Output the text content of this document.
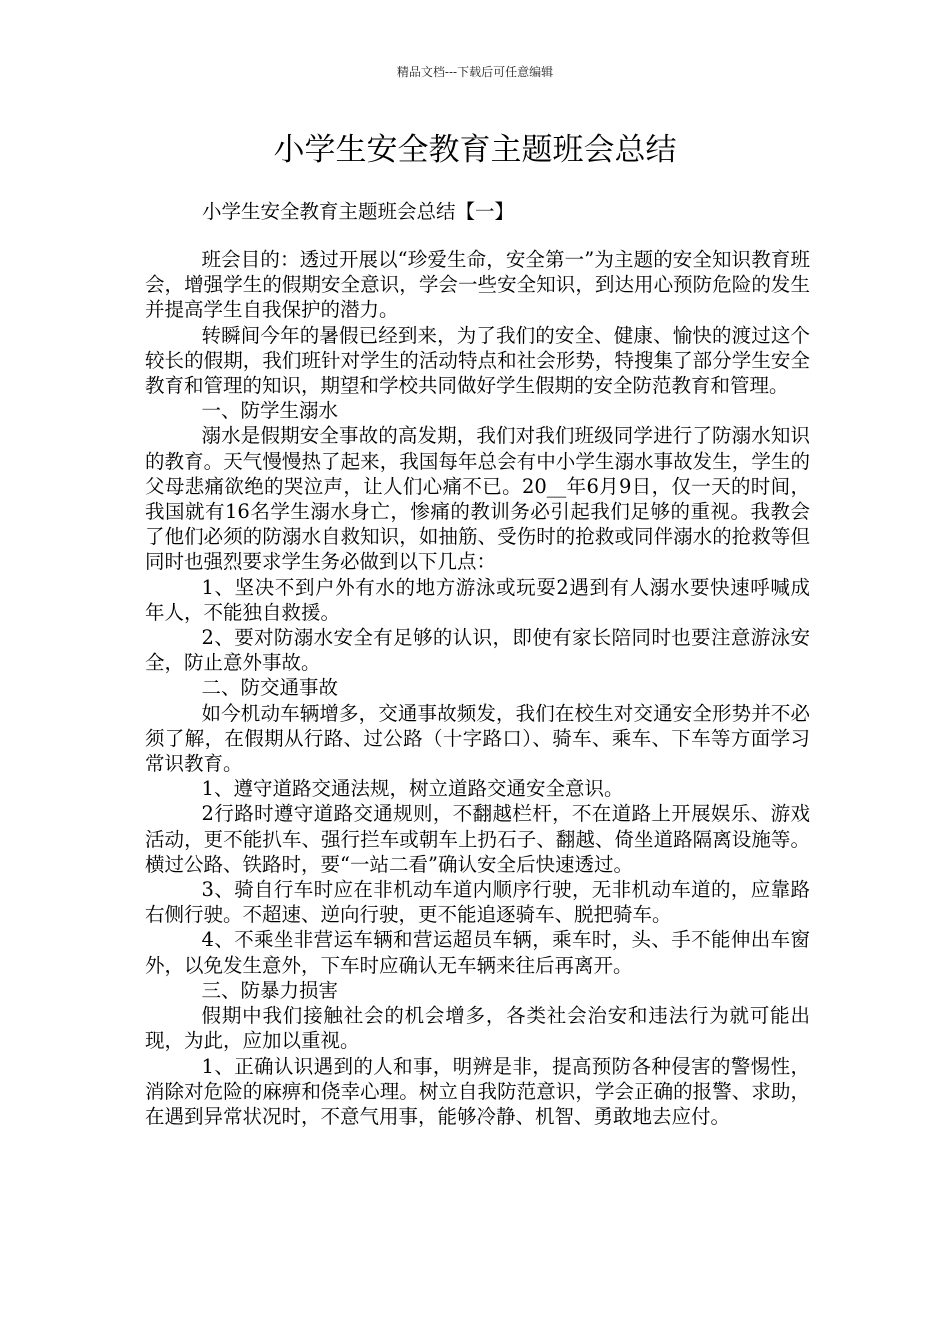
精品文档---下载后可任意编辑
小学生安全教育主题班会总结
小学生安全教育主题班会总结【一】

班会目的：透过开展以“珍爱生命，安全第一”为主题的安全知识教育班会，增强学生的假期安全意识，学会一些安全知识，到达用心预防危险的发生并提高学生自我保护的潜力。

转瞬间今年的暑假已经到来，为了我们的安全、健康、愉快的渡过这个较长的假期，我们班针对学生的活动特点和社会形势，特搜集了部分学生安全教育和管理的知识，期望和学校共同做好学生假期的安全防范教育和管理。

一、防学生溺水

溺水是假期安全事故的高发期，我们对我们班级同学进行了防溺水知识的教育。天气慢慢热了起来，我国每年总会有中小学生溺水事故发生，学生的父母悲痛欲绝的哭泣声，让人们心痛不已。20__年6月9日，仅一天的时间，我国就有16名学生溺水身亡，惨痛的教训务必引起我们足够的重视。我教会了他们必须的防溺水自救知识，如抽筋、受伤时的抢救或同伴溺水的抢救等但同时也强烈要求学生务必做到以下几点：

1、坚决不到户外有水的地方游泳或玩耍2遇到有人溺水要快速呼喊成年人，不能独自救援。

2、要对防溺水安全有足够的认识，即使有家长陪同时也要注意游泳安全，防止意外事故。

二、防交通事故

如今机动车辆增多，交通事故频发，我们在校生对交通安全形势并不必须了解，在假期从行路、过公路（十字路口）、骑车、乘车、下车等方面学习常识教育。

1、遵守道路交通法规，树立道路交通安全意识。

2行路时遵守道路交通规则，不翻越栏杆，不在道路上开展娱乐、游戏活动，更不能扒车、强行拦车或朝车上扔石子、翻越、倚坐道路隔离设施等。横过公路、铁路时，要“一站二看”确认安全后快速透过。

3、骑自行车时应在非机动车道内顺序行驶，无非机动车道的，应靠路右侧行驶。不超速、逆向行驶，更不能追逐骑车、脱把骑车。

4、不乘坐非营运车辆和营运超员车辆，乘车时，头、手不能伸出车窗外，以免发生意外，下车时应确认无车辆来往后再离开。

三、防暴力损害

假期中我们接触社会的机会增多，各类社会治安和违法行为就可能出现，为此，应加以重视。

1、正确认识遇到的人和事，明辨是非，提高预防各种侵害的警惕性，消除对危险的麻痹和侥幸心理。树立自我防范意识，学会正确的报警、求助，在遇到异常状况时，不意气用事，能够冷静、机智、勇敢地去应付。
